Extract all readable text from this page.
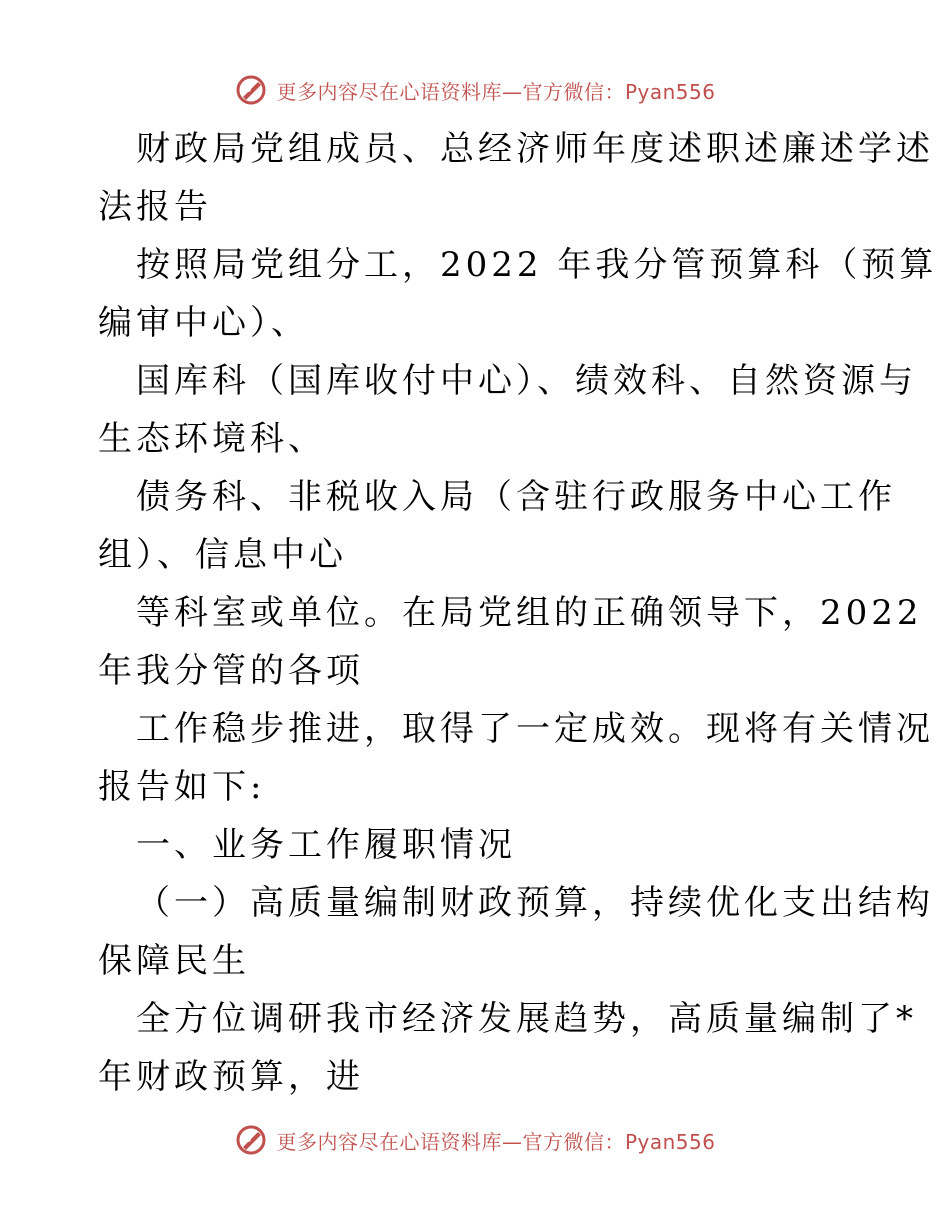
更多内容尽在心语资料库—官方微信：Pyan556

财政局党组成员、总经济师年度述职述廉述学述

法报告

按照局党组分工，2022 年我分管预算科（预算

编审中心）、

国库科（国库收付中心）、绩效科、自然资源与

生态环境科、

债务科、非税收入局（含驻行政服务中心工作

组）、信息中心

等科室或单位。在局党组的正确领导下，2022

年我分管的各项

工作稳步推进，取得了一定成效。现将有关情况

报告如下:

一、业务工作履职情况

（一）高质量编制财政预算，持续优化支出结构

保障民生

全方位调研我市经济发展趋势，高质量编制了*

年财政预算，进

更多内容尽在心语资料库—官方微信：Pyan556
